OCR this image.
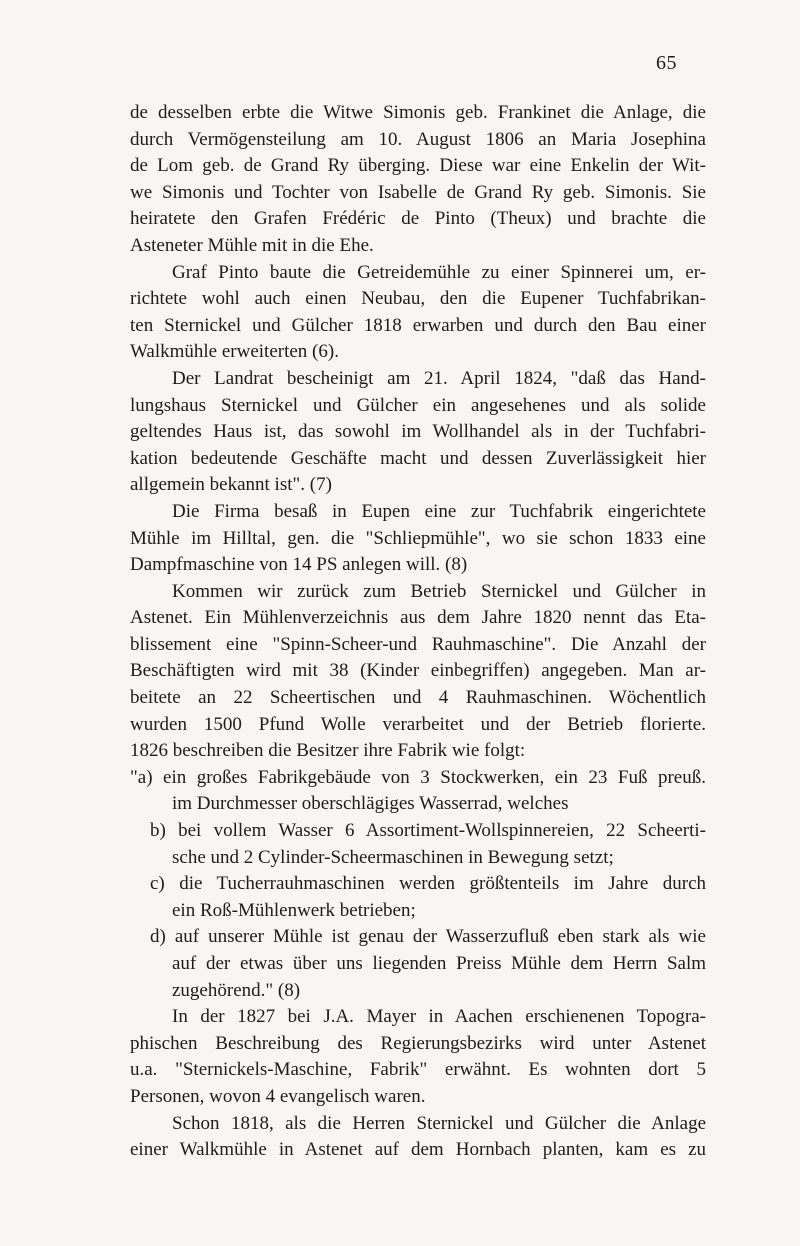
65
de desselben erbte die Witwe Simonis geb. Frankinet die Anlage, die
durch Vermögensteilung am 10. August 1806 an Maria Josephina
de Lom geb. de Grand Ry überging. Diese war eine Enkelin der Wit-
we Simonis und Tochter von Isabelle de Grand Ry geb. Simonis. Sie
heiratete den Grafen Frédéric de Pinto (Theux) und brachte die
Asteneter Mühle mit in die Ehe.
Graf Pinto baute die Getreidemühle zu einer Spinnerei um, er-
richtete wohl auch einen Neubau, den die Eupener Tuchfabrikan-
ten Sternickel und Gülcher 1818 erwarben und durch den Bau einer
Walkmühle erweiterten (6).
Der Landrat bescheinigt am 21. April 1824, "daß das Hand-
lungshaus Sternickel und Gülcher ein angesehenes und als solide
geltendes Haus ist, das sowohl im Wollhandel als in der Tuchfabri-
kation bedeutende Geschäfte macht und dessen Zuverlässigkeit hier
allgemein bekannt ist". (7)
Die Firma besaß in Eupen eine zur Tuchfabrik eingerichtete
Mühle im Hilltal, gen. die "Schliepmühle", wo sie schon 1833 eine
Dampfmaschine von 14 PS anlegen will. (8)
Kommen wir zurück zum Betrieb Sternickel und Gülcher in
Astenet. Ein Mühlenverzeichnis aus dem Jahre 1820 nennt das Eta-
blissement eine "Spinn-Scheer-und Rauhmaschine". Die Anzahl der
Beschäftigten wird mit 38 (Kinder einbegriffen) angegeben. Man ar-
beitete an 22 Scheertischen und 4 Rauhmaschinen. Wöchentlich
wurden 1500 Pfund Wolle verarbeitet und der Betrieb florierte.
1826 beschreiben die Besitzer ihre Fabrik wie folgt:
"a) ein großes Fabrikgebäude von 3 Stockwerken, ein 23 Fuß preuß.
im Durchmesser oberschlägiges Wasserrad, welches
b) bei vollem Wasser 6 Assortiment-Wollspinnereien, 22 Scheerti-
sche und 2 Cylinder-Scheermaschinen in Bewegung setzt;
c) die Tucherrauhmaschinen werden größtenteils im Jahre durch
ein Roß-Mühlenwerk betrieben;
d) auf unserer Mühle ist genau der Wasserzufluß eben stark als wie
auf der etwas über uns liegenden Preiss Mühle dem Herrn Salm
zugehörend." (8)
In der 1827 bei J.A. Mayer in Aachen erschienenen Topogra-
phischen Beschreibung des Regierungsbezirks wird unter Astenet
u.a. "Sternickels-Maschine, Fabrik" erwähnt. Es wohnten dort 5
Personen, wovon 4 evangelisch waren.
Schon 1818, als die Herren Sternickel und Gülcher die Anlage
einer Walkmühle in Astenet auf dem Hornbach planten, kam es zu
